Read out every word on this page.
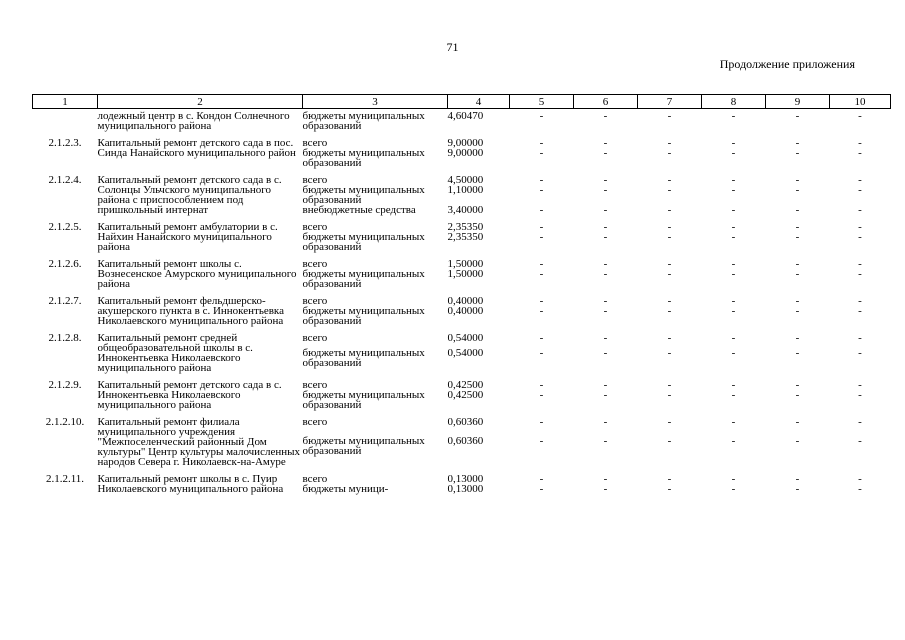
71
Продолжение приложения
1	2	3	4	5	6	7	8	9	10
	лодежный центр в с. Кондон Солнечного муниципального района	бюджеты муниципальных образований	4,60470	-	-	-	-	-	-
2.1.2.3.	Капитальный ремонт детского сада в пос. Синда Нанайского муниципального район	всего	9,00000	-	-	-	-	-	-
		бюджеты муниципальных образований	9,00000	-	-	-	-	-	-
2.1.2.4.	Капитальный ремонт детского сада в с. Солонцы Ульчского муниципального района с приспособлением под пришкольный интернат	всего	4,50000	-	-	-	-	-	-
		бюджеты муниципальных образований	1,10000	-	-	-	-	-	-
		внебюджетные средства	3,40000	-	-	-	-	-	-
2.1.2.5.	Капитальный ремонт амбулатории в с. Найхин Нанайского муниципального района	всего	2,35350	-	-	-	-	-	-
		бюджеты муниципальных образований	2,35350	-	-	-	-	-	-
2.1.2.6.	Капитальный ремонт школы с. Вознесенское Амурского муниципального района	всего	1,50000	-	-	-	-	-	-
		бюджеты муниципальных образований	1,50000	-	-	-	-	-	-
2.1.2.7.	Капитальный ремонт фельдшерско-акушерского пункта в с. Иннокентьевка Николаевского муниципального района	всего	0,40000	-	-	-	-	-	-
		бюджеты муниципальных образований	0,40000	-	-	-	-	-	-
2.1.2.8.	Капитальный ремонт средней общеобразовательной школы в с. Иннокентьевка Николаевского муниципального района	всего	0,54000	-	-	-	-	-	-
		бюджеты муниципальных образований	0,54000	-	-	-	-	-	-
2.1.2.9.	Капитальный ремонт детского сада в с. Иннокентьевка Николаевского муниципального района	всего	0,42500	-	-	-	-	-	-
		бюджеты муниципальных образований	0,42500	-	-	-	-	-	-
2.1.2.10.	Капитальный ремонт филиала муниципального учреждения "Межпоселенческий районный Дом культуры" Центр культуры малочисленных народов Севера г. Николаевск-на-Амуре	всего	0,60360	-	-	-	-	-	-
		бюджеты муниципальных образований	0,60360	-	-	-	-	-	-
2.1.2.11.	Капитальный ремонт школы в с. Пуир Николаевского муниципального района	всего	0,13000	-	-	-	-	-	-
		бюджеты муници-	0,13000	-	-	-	-	-	-
